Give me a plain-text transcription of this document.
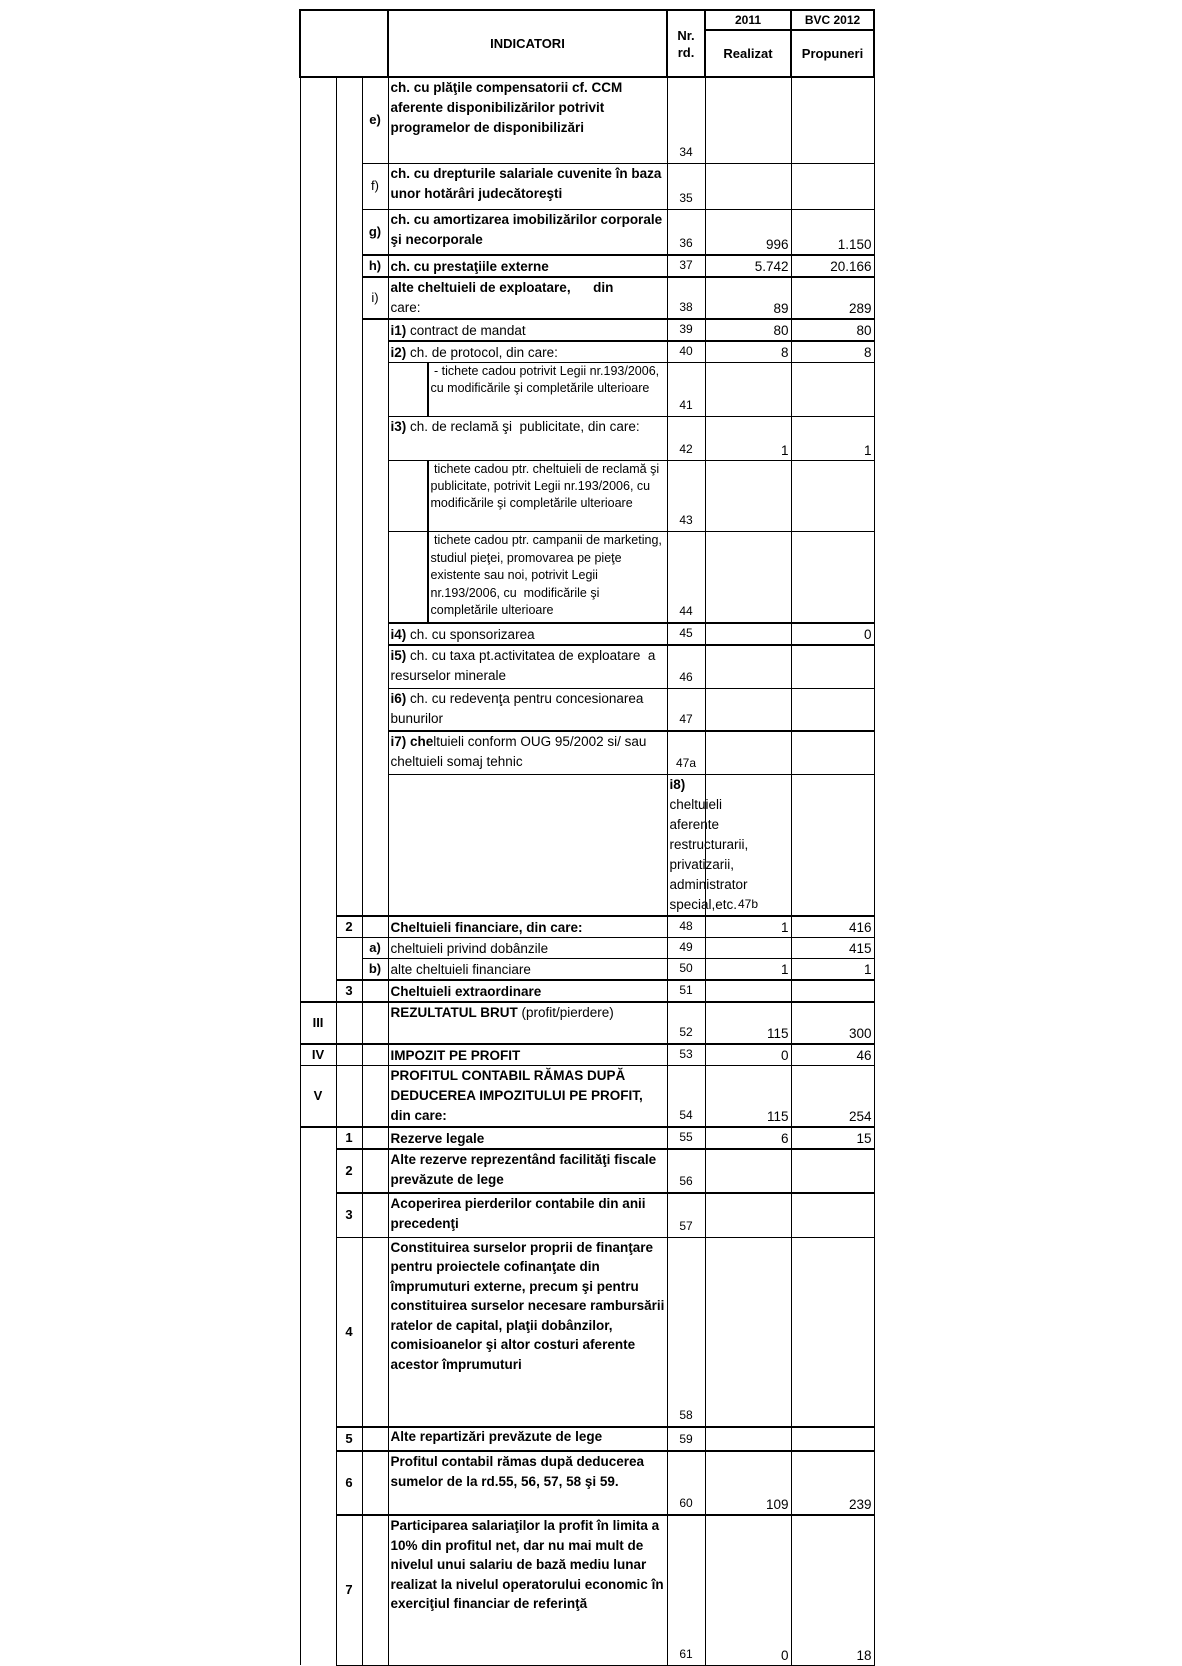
	INDICATORI	Nr. rd.	2011	BVC 2012
Realizat	Propuneri
		e)	ch. cu plăţile compensatorii cf. CCM aferente disponibilizărilor potrivit programelor de disponibilizări	34		
f)	ch. cu drepturile salariale cuvenite în baza unor hotărâri judecătoreşti	35		
g)	ch. cu amortizarea imobilizărilor corporale şi necorporale	36	996	1.150
h)	ch. cu prestaţiile externe	37	5.742	20.166
i)	alte cheltuieli de exploatare,      din
care:	38	89	289
	i1) contract de mandat	39	80	80
i2) ch. de protocol, din care:	40	8	8

- tichete cadou potrivit Legii nr.193/2006, cu modificările şi completările ulterioare
	41		
i3) ch. de reclamă şi  publicitate, din care:	42	1	1

tichete cadou ptr. cheltuieli de reclamă şi publicitate, potrivit Legii nr.193/2006, cu modificările şi completările ulterioare
	43		

tichete cadou ptr. campanii de marketing, studiul pieţei, promovarea pe pieţe existente sau noi, potrivit Legii nr.193/2006, cu  modificările şi completările ulterioare	44		
i4) ch. cu sponsorizarea	45		0
i5) ch. cu taxa pt.activitatea de exploatare  a resurselor minerale	46		
i6) ch. cu redevenţa pentru concesionarea  bunurilor	47		
i7) cheltuieli conform OUG 95/2002 si/ sau cheltuieli somaj tehnic	47a		
	i8) cheltuieli aferente restructurarii, privatizarii, administrator special,etc.	47b		
2		Cheltuieli financiare, din care:	48	1	416
	a)	cheltuieli privind dobânzile	49		415
b)	alte cheltuieli financiare	50	1	1
3		Cheltuieli extraordinare	51		
III			REZULTATUL BRUT (profit/pierdere)	52	115	300
IV			IMPOZIT PE PROFIT	53	0	46
V			PROFITUL CONTABIL RĂMAS DUPĂ DEDUCEREA IMPOZITULUI PE PROFIT, din care:	54	115	254
	1		Rezerve legale	55	6	15
2		Alte rezerve reprezentând facilităţi fiscale prevăzute de lege	56		
3		Acoperirea pierderilor contabile din anii precedenţi	57		
4		Constituirea surselor proprii de finanţare pentru proiectele cofinanţate din împrumuturi externe, precum şi pentru constituirea surselor necesare rambursării ratelor de capital, plaţii dobânzilor, comisioanelor şi altor costuri aferente acestor împrumuturi	58		
5		Alte repartizări prevăzute de lege	59		
6		Profitul contabil rămas după deducerea sumelor de la rd.55, 56, 57, 58 şi 59.	60	109	239
7		Participarea salariaţilor la profit în limita a 10% din profitul net, dar nu mai mult de nivelul unui salariu de bază mediu lunar realizat la nivelul operatorului economic în exerciţiul financiar de referinţă	61	0	18
